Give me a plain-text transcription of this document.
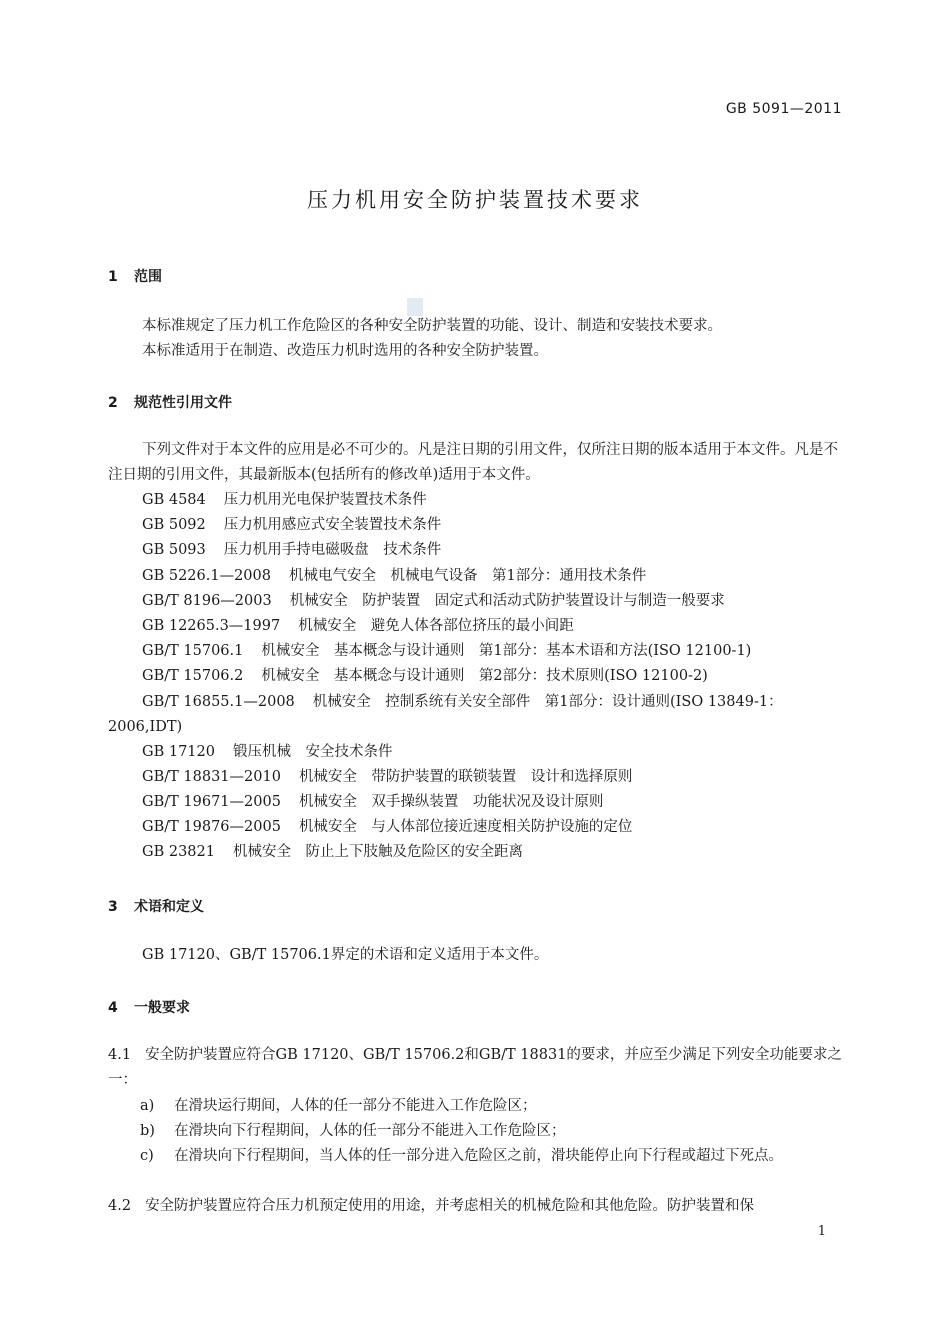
GB 5091—2011
压力机用安全防护装置技术要求
1 范围
本标准规定了压力机工作危险区的各种安全防护装置的功能、设计、制造和安装技术要求。
本标准适用于在制造、改造压力机时选用的各种安全防护装置。
2 规范性引用文件
下列文件对于本文件的应用是必不可少的。凡是注日期的引用文件，仅所注日期的版本适用于本文件。凡是不注日期的引用文件，其最新版本(包括所有的修改单)适用于本文件。
GB 4584 压力机用光电保护装置技术条件
GB 5092 压力机用感应式安全装置技术条件
GB 5093 压力机用手持电磁吸盘　技术条件
GB 5226.1—2008 机械电气安全　机械电气设备　第1部分：通用技术条件
GB/T 8196—2003 机械安全　防护装置　固定式和活动式防护装置设计与制造一般要求
GB 12265.3—1997 机械安全　避免人体各部位挤压的最小间距
GB/T 15706.1 机械安全　基本概念与设计通则　第1部分：基本术语和方法(ISO 12100-1)
GB/T 15706.2 机械安全　基本概念与设计通则　第2部分：技术原则(ISO 12100-2)
GB/T 16855.1—2008 机械安全　控制系统有关安全部件　第1部分：设计通则(ISO 13849-1：2006,IDT)
GB 17120 锻压机械　安全技术条件
GB/T 18831—2010 机械安全　带防护装置的联锁装置　设计和选择原则
GB/T 19671—2005 机械安全　双手操纵装置　功能状况及设计原则
GB/T 19876—2005 机械安全　与人体部位接近速度相关防护设施的定位
GB 23821 机械安全　防止上下肢触及危险区的安全距离
3 术语和定义
GB 17120、GB/T 15706.1界定的术语和定义适用于本文件。
4 一般要求
4.1 安全防护装置应符合GB 17120、GB/T 15706.2和GB/T 18831的要求，并应至少满足下列安全功能要求之一：
a) 在滑块运行期间，人体的任一部分不能进入工作危险区；
b) 在滑块向下行程期间，人体的任一部分不能进入工作危险区；
c) 在滑块向下行程期间，当人体的任一部分进入危险区之前，滑块能停止向下行程或超过下死点。
4.2 安全防护装置应符合压力机预定使用的用途，并考虑相关的机械危险和其他危险。防护装置和保
1
